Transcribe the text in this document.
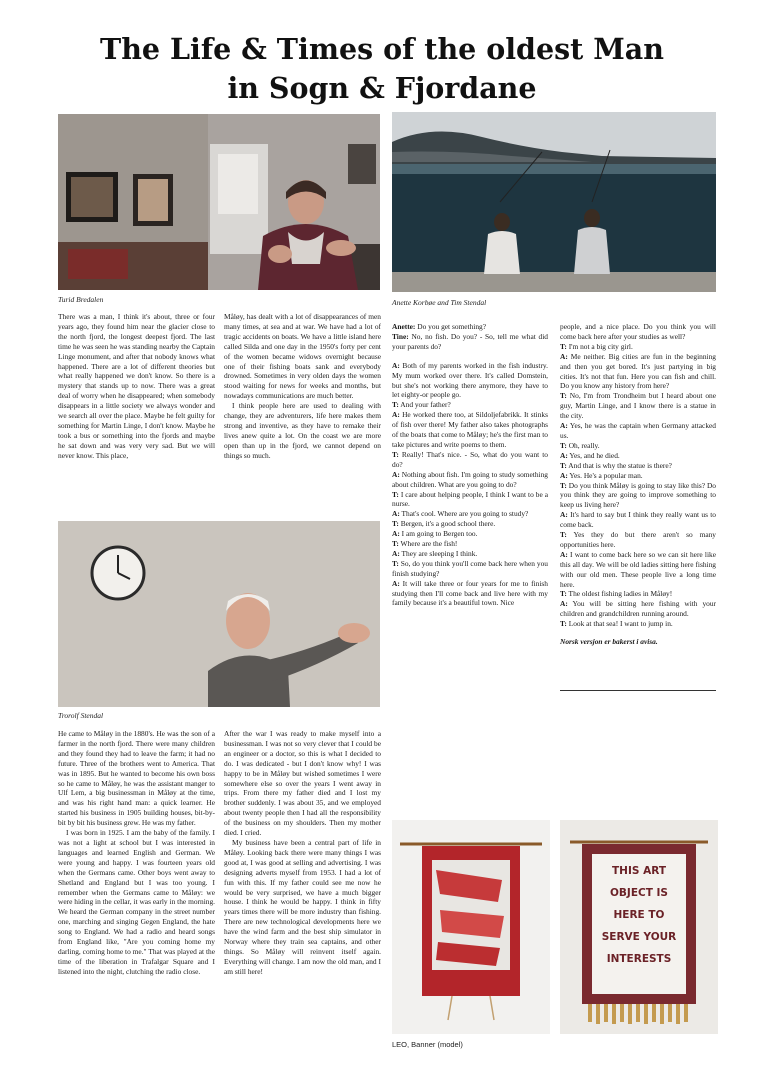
The Life & Times of the oldest Man
in Sogn & Fjordane
Turid Bredalen	Anette Korbøe and Tim Stendal

There was a man, I think it's about, three or four years ago, they found him near the glacier close to the north fjord, the longest deepest fjord. The last time he was seen he was standing nearby the Captain Linge monument, and after that nobody knows what happened. There are a lot of different theories but what really happened we don't know. So there is a mystery that stands up to now. There was a great deal of worry when he disappeared; when somebody disappears in a little society we always wonder and we search all over the place. Maybe he felt guilty for something for Martin Linge, I don't know. Maybe he took a bus or something into the fjords and maybe he sat down and was very very sad. But we will never know. This place,

Måløy, has dealt with a lot of disappearances of men many times, at sea and at war. We have had a lot of tragic accidents on boats. We have a little island here called Silda and one day in the 1950's forty per cent of the women became widows overnight because one of their fishing boats sank and everybody drowned. Sometimes in very olden days the women stood waiting for news for weeks and months, but nowadays communications are much better.

I think people here are used to dealing with change, they are adventurers, life here makes them strong and inventive, as they have to remake their lives anew quite a lot. On the coast we are more open than up in the fjord, we cannot depend on things so much.

Anette: Do you get something?

Tine: No, no fish. Do you? - So, tell me what did your parents do?

A: Both of my parents worked in the fish industry. My mum worked over there. It's called Domstein, but she's not working there anymore, they have to let eighty-or people go.

T: And your father?

A: He worked there too, at Sildoljefabrikk. It stinks of fish over there! My father also takes photographs of the boats that come to Måløy; he's the first man to take pictures and write poems to them.

T: Really! That's nice. - So, what do you want to do?

A: Nothing about fish. I'm going to study something about children. What are you going to do?

T: I care about helping people, I think I want to be a nurse.

A: That's cool. Where are you going to study?

T: Bergen, it's a good school there.

A: I am going to Bergen too.

T: Where are the fish!

A: They are sleeping I think.

T: So, do you think you'll come back here when you finish studying?

A: It will take three or four years for me to finish studying then I'll come back and live here with my family because it's a beautiful town. Nice

people, and a nice place. Do you think you will come back here after your studies as well?

T: I'm not a big city girl.

A: Me neither. Big cities are fun in the beginning and then you get bored. It's just partying in big cities. It's not that fun. Here you can fish and chill. Do you know any history from here?

T: No, I'm from Trondheim but I heard about one guy, Martin Linge, and I know there is a statue in the city.

A: Yes, he was the captain when Germany attacked us.

T: Oh, really.

A: Yes, and he died.

T: And that is why the statue is there?

A: Yes. He's a popular man.

T: Do you think Måløy is going to stay like this? Do you think they are going to improve something to keep us living here?

A: It's hard to say but I think they really want us to come back.

T: Yes they do but there aren't so many opportunities here.

A: I want to come back here so we can sit here like this all day. We will be old ladies sitting here fishing with our old men. These people live a long time here.

T: The oldest fishing ladies in Måløy!

A: You will be sitting here fishing with your children and grandchildren running around.

T: Look at that sea! I want to jump in.

Norsk versjon er bakerst i avisa.

Trorolf Stendal

He came to Måløy in the 1880's. He was the son of a farmer in the north fjord. There were many children and they found they had to leave the farm; it had no future. Three of the brothers went to America. That was in 1895. But he wanted to become his own boss so he came to Måløy, he was the assistant manger to Ulf Lem, a big businessman in Måløy at the time, and was his right hand man: a quick learner. He started his business in 1905 building houses, bit-by-bit by bit his business grew. He was my father.

I was born in 1925. I am the baby of the family. I was not a light at school but I was interested in languages and learned English and German. We were young and happy. I was fourteen years old when the Germans came. Other boys went away to Shetland and England but I was too young. I remember when the Germans came to Måløy: we were hiding in the cellar, it was early in the morning. We heard the German company in the street number one, marching and singing Gegen England, the hate song to England. We had a radio and heard songs from England like, "Are you coming home my darling, coming home to me." That was played at the time of the liberation in Trafalgar Square and I listened into the night, clutching the radio close.

After the war I was ready to make myself into a businessman. I was not so very clever that I could be an engineer or a doctor, so this is what I decided to do. I was dedicated - but I don't know why! I was happy to be in Måløy but wished sometimes I were somewhere else so over the years I went away in trips. From there my father died and I lost my brother suddenly. I was about 35, and we employed about twenty people then I had all the responsibility of the business on my shoulders. Then my mother died. I cried.

My business have been a central part of life in Måløy. Looking back there were many things I was good at, I was good at selling and advertising. I was designing adverts myself from 1953. I had a lot of fun with this. If my father could see me now he would be very surprised, we have a much bigger house. I think he would be happy. I think in fifty years times there will be more industry than fishing. There are new technological developments here we have the wind farm and the best ship simulator in Norway where they train sea captains, and other things. So Måløy will reinvent itself again. Everything will change. I am now the old man, and I am still here!

LEO, Banner (model)
THIS ART
OBJECT IS
HERE TO
SERVE YOUR
INTERESTS
